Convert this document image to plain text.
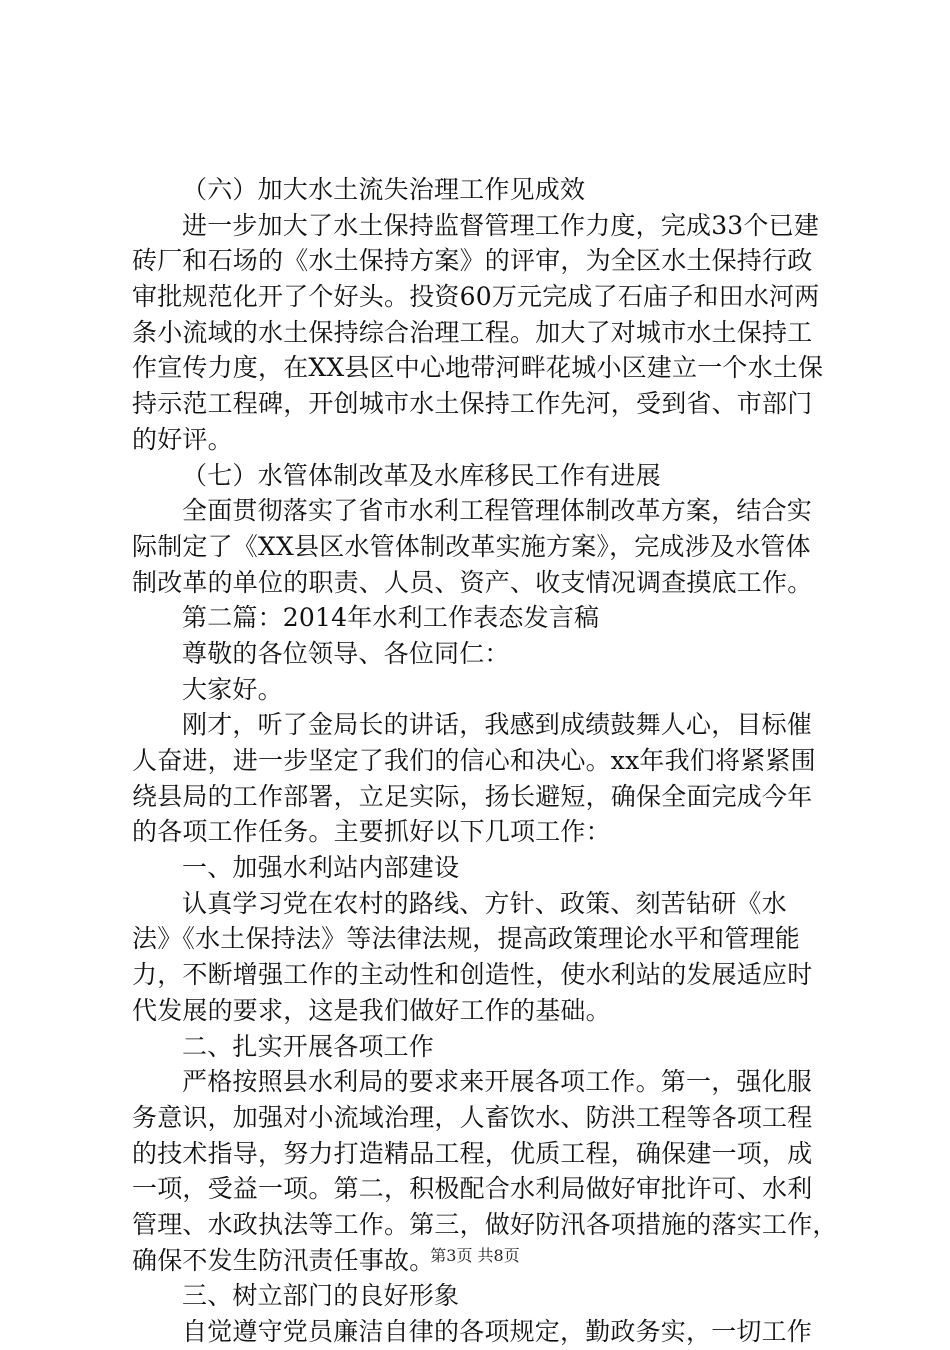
（六）加大水土流失治理工作见成效
进一步加大了水土保持监督管理工作力度，完成33个已建
砖厂和石场的《水土保持方案》的评审，为全区水土保持行政
审批规范化开了个好头。投资60万元完成了石庙子和田水河两
条小流域的水土保持综合治理工程。加大了对城市水土保持工
作宣传力度，在XX县区中心地带河畔花城小区建立一个水土保
持示范工程碑，开创城市水土保持工作先河，受到省、市部门
的好评。
（七）水管体制改革及水库移民工作有进展
全面贯彻落实了省市水利工程管理体制改革方案，结合实
际制定了《XX县区水管体制改革实施方案》，完成涉及水管体
制改革的单位的职责、人员、资产、收支情况调查摸底工作。
第二篇：2014年水利工作表态发言稿
尊敬的各位领导、各位同仁：
大家好。
刚才，听了金局长的讲话，我感到成绩鼓舞人心，目标催
人奋进，进一步坚定了我们的信心和决心。xx年我们将紧紧围
绕县局的工作部署，立足实际，扬长避短，确保全面完成今年
的各项工作任务。主要抓好以下几项工作：
一、加强水利站内部建设
认真学习党在农村的路线、方针、政策、刻苦钻研《水
法》《水土保持法》等法律法规，提高政策理论水平和管理能
力，不断增强工作的主动性和创造性，使水利站的发展适应时
代发展的要求，这是我们做好工作的基础。
二、扎实开展各项工作
严格按照县水利局的要求来开展各项工作。第一，强化服
务意识，加强对小流域治理，人畜饮水、防洪工程等各项工程
的技术指导，努力打造精品工程，优质工程，确保建一项，成
一项，受益一项。第二，积极配合水利局做好审批许可、水利
管理、水政执法等工作。第三，做好防汛各项措施的落实工作，
确保不发生防汛责任事故。
三、树立部门的良好形象
自觉遵守党员廉洁自律的各项规定，勤政务实，一切工作
第3页 共8页
